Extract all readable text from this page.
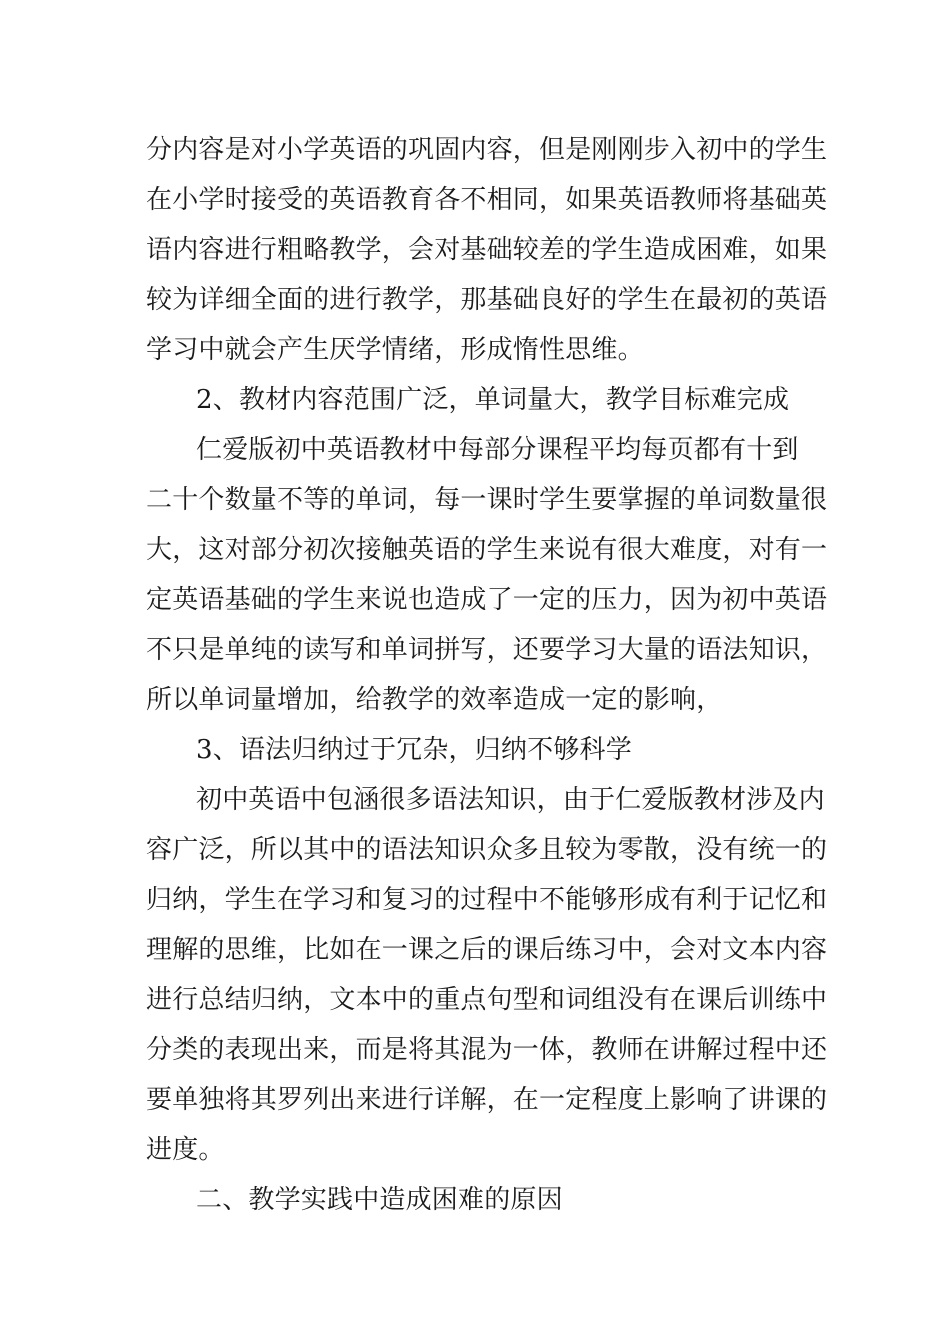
分内容是对小学英语的巩固内容，但是刚刚步入初中的学生
在小学时接受的英语教育各不相同，如果英语教师将基础英
语内容进行粗略教学，会对基础较差的学生造成困难，如果
较为详细全面的进行教学，那基础良好的学生在最初的英语
学习中就会产生厌学情绪，形成惰性思维。
2、教材内容范围广泛，单词量大，教学目标难完成
仁爱版初中英语教材中每部分课程平均每页都有十到
二十个数量不等的单词，每一课时学生要掌握的单词数量很
大，这对部分初次接触英语的学生来说有很大难度，对有一
定英语基础的学生来说也造成了一定的压力，因为初中英语
不只是单纯的读写和单词拼写，还要学习大量的语法知识，
所以单词量增加，给教学的效率造成一定的影响，
3、语法归纳过于冗杂，归纳不够科学
初中英语中包涵很多语法知识，由于仁爱版教材涉及内
容广泛，所以其中的语法知识众多且较为零散，没有统一的
归纳，学生在学习和复习的过程中不能够形成有利于记忆和
理解的思维，比如在一课之后的课后练习中，会对文本内容
进行总结归纳，文本中的重点句型和词组没有在课后训练中
分类的表现出来，而是将其混为一体，教师在讲解过程中还
要单独将其罗列出来进行详解，在一定程度上影响了讲课的
进度。
二、教学实践中造成困难的原因
